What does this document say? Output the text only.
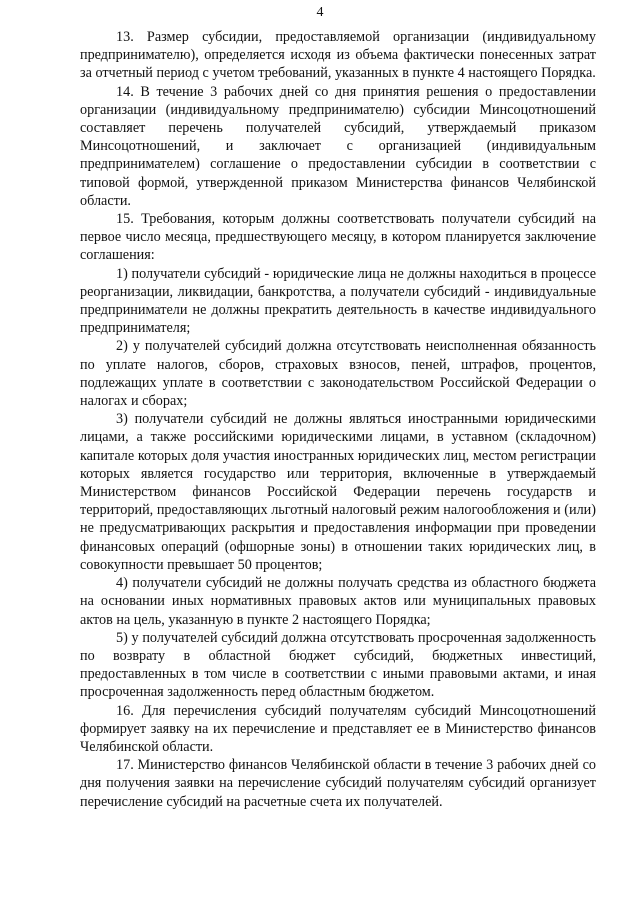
4

13. Размер субсидии, предоставляемой организации (индивидуальному предпринимателю), определяется исходя из объема фактически понесенных затрат за отчетный период с учетом требований, указанных в пункте 4 настоящего Порядка.

14. В течение 3 рабочих дней со дня принятия решения о предоставлении организации (индивидуальному предпринимателю) субсидии Минсоцотношений составляет перечень получателей субсидий, утверждаемый приказом Минсоцотношений, и заключает с организацией (индивидуальным предпринимателем) соглашение о предоставлении субсидии в соответствии с типовой формой, утвержденной приказом Министерства финансов Челябинской области.

15. Требования, которым должны соответствовать получатели субсидий на первое число месяца, предшествующего месяцу, в котором планируется заключение соглашения:

1) получатели субсидий - юридические лица не должны находиться в процессе реорганизации, ликвидации, банкротства, а получатели субсидий - индивидуальные предприниматели не должны прекратить деятельность в качестве индивидуального предпринимателя;

2) у получателей субсидий должна отсутствовать неисполненная обязанность по уплате налогов, сборов, страховых взносов, пеней, штрафов, процентов, подлежащих уплате в соответствии с законодательством Российской Федерации о налогах и сборах;

3) получатели субсидий не должны являться иностранными юридическими лицами, а также российскими юридическими лицами, в уставном (складочном) капитале которых доля участия иностранных юридических лиц, местом регистрации которых является государство или территория, включенные в утверждаемый Министерством финансов Российской Федерации перечень государств и территорий, предоставляющих льготный налоговый режим налогообложения и (или) не предусматривающих раскрытия и предоставления информации при проведении финансовых операций (офшорные зоны) в отношении таких юридических лиц, в совокупности превышает 50 процентов;

4) получатели субсидий не должны получать средства из областного бюджета на основании иных нормативных правовых актов или муниципальных правовых актов на цель, указанную в пункте 2 настоящего Порядка;

5) у получателей субсидий должна отсутствовать просроченная задолженность по возврату в областной бюджет субсидий, бюджетных инвестиций, предоставленных в том числе в соответствии с иными правовыми актами, и иная просроченная задолженность перед областным бюджетом.

16. Для перечисления субсидий получателям субсидий Минсоцотношений формирует заявку на их перечисление и представляет ее в Министерство финансов Челябинской области.

17. Министерство финансов Челябинской области в течение 3 рабочих дней со дня получения заявки на перечисление субсидий получателям субсидий организует перечисление субсидий на расчетные счета их получателей.
